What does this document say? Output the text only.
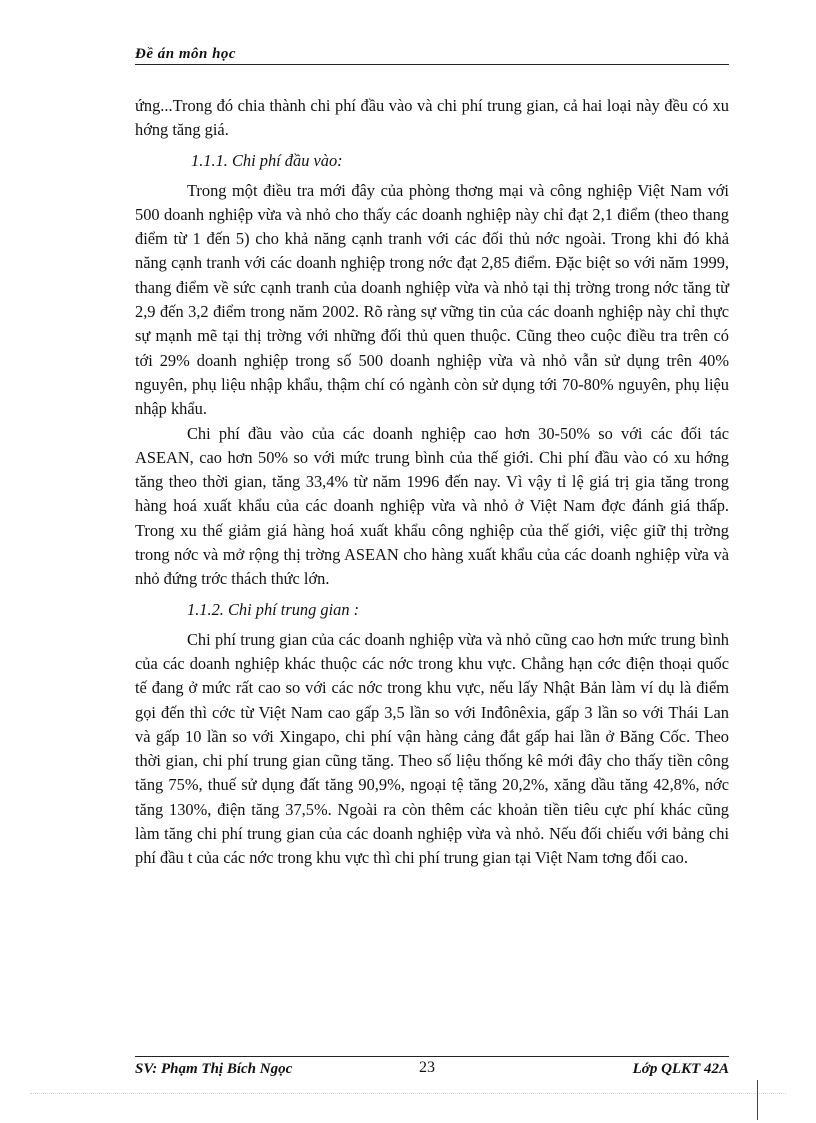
Đề án môn học

ứng...Trong đó chia thành chi phí đầu vào và chi phí trung gian, cả hai loại này đều có xu hớng tăng giá.

1.1.1. Chi phí đầu vào:

Trong một điều tra mới đây của phòng thơng mại và công nghiệp Việt Nam với 500 doanh nghiệp vừa và nhỏ cho thấy các doanh nghiệp này chỉ đạt 2,1 điểm (theo thang điểm từ 1 đến 5) cho khả năng cạnh tranh với các đối thủ nớc ngoài. Trong khi đó khả năng cạnh tranh với các doanh nghiệp trong nớc đạt 2,85 điểm. Đặc biệt so với năm 1999, thang điểm về sức cạnh tranh của doanh nghiệp vừa và nhỏ tại thị trờng trong nớc tăng từ 2,9 đến 3,2 điểm trong năm 2002. Rõ ràng sự vững tin của các doanh nghiệp này chỉ thực sự mạnh mẽ tại thị trờng với những đối thủ quen thuộc. Cũng theo cuộc điều tra trên có tới 29% doanh nghiệp trong số 500 doanh nghiệp vừa và nhỏ vẫn sử dụng trên 40% nguyên, phụ liệu nhập khẩu, thậm chí có ngành còn sử dụng tới 70-80% nguyên, phụ liệu nhập khẩu.

Chi phí đầu vào của các doanh nghiệp cao hơn 30-50% so với các đối tác ASEAN, cao hơn 50% so với mức trung bình của thế giới. Chi phí đầu vào có xu hớng tăng theo thời gian, tăng 33,4% từ năm 1996 đến nay. Vì vậy tỉ lệ giá trị gia tăng trong hàng hoá xuất khẩu của các doanh nghiệp vừa và nhỏ ở Việt Nam đợc đánh giá thấp. Trong xu thế giảm giá hàng hoá xuất khẩu công nghiệp của thế giới, việc giữ thị trờng trong nớc và mở rộng thị trờng ASEAN cho hàng xuất khẩu của các doanh nghiệp vừa và nhỏ đứng trớc thách thức lớn.

1.1.2. Chi phí trung gian :

Chi phí trung gian của các doanh nghiệp vừa và nhỏ cũng cao hơn mức trung bình của các doanh nghiệp khác thuộc các nớc trong khu vực. Chẳng hạn cớc điện thoại quốc tế đang ở mức rất cao so với các nớc trong khu vực, nếu lấy Nhật Bản làm ví dụ là điểm gọi đến thì cớc từ Việt Nam cao gấp 3,5 lần so với Inđônêxia, gấp 3 lần so với Thái Lan và gấp 10 lần so với Xingapo, chi phí vận hàng cảng đắt gấp hai lần ở Băng Cốc. Theo thời gian, chi phí trung gian cũng tăng. Theo số liệu thống kê mới đây cho thấy tiền công tăng 75%, thuế sử dụng đất tăng 90,9%, ngoại tệ tăng 20,2%, xăng dầu tăng 42,8%, nớc tăng 130%, điện tăng 37,5%. Ngoài ra còn thêm các khoản tiền tiêu cực phí khác cũng làm tăng chi phí trung gian của các doanh nghiệp vừa và nhỏ. Nếu đối chiếu với bảng chi phí đầu t của các nớc trong khu vực thì chi phí trung gian tại Việt Nam tơng đối cao.

SV: Phạm Thị Bích Ngọc	23	Lớp QLKT 42A
